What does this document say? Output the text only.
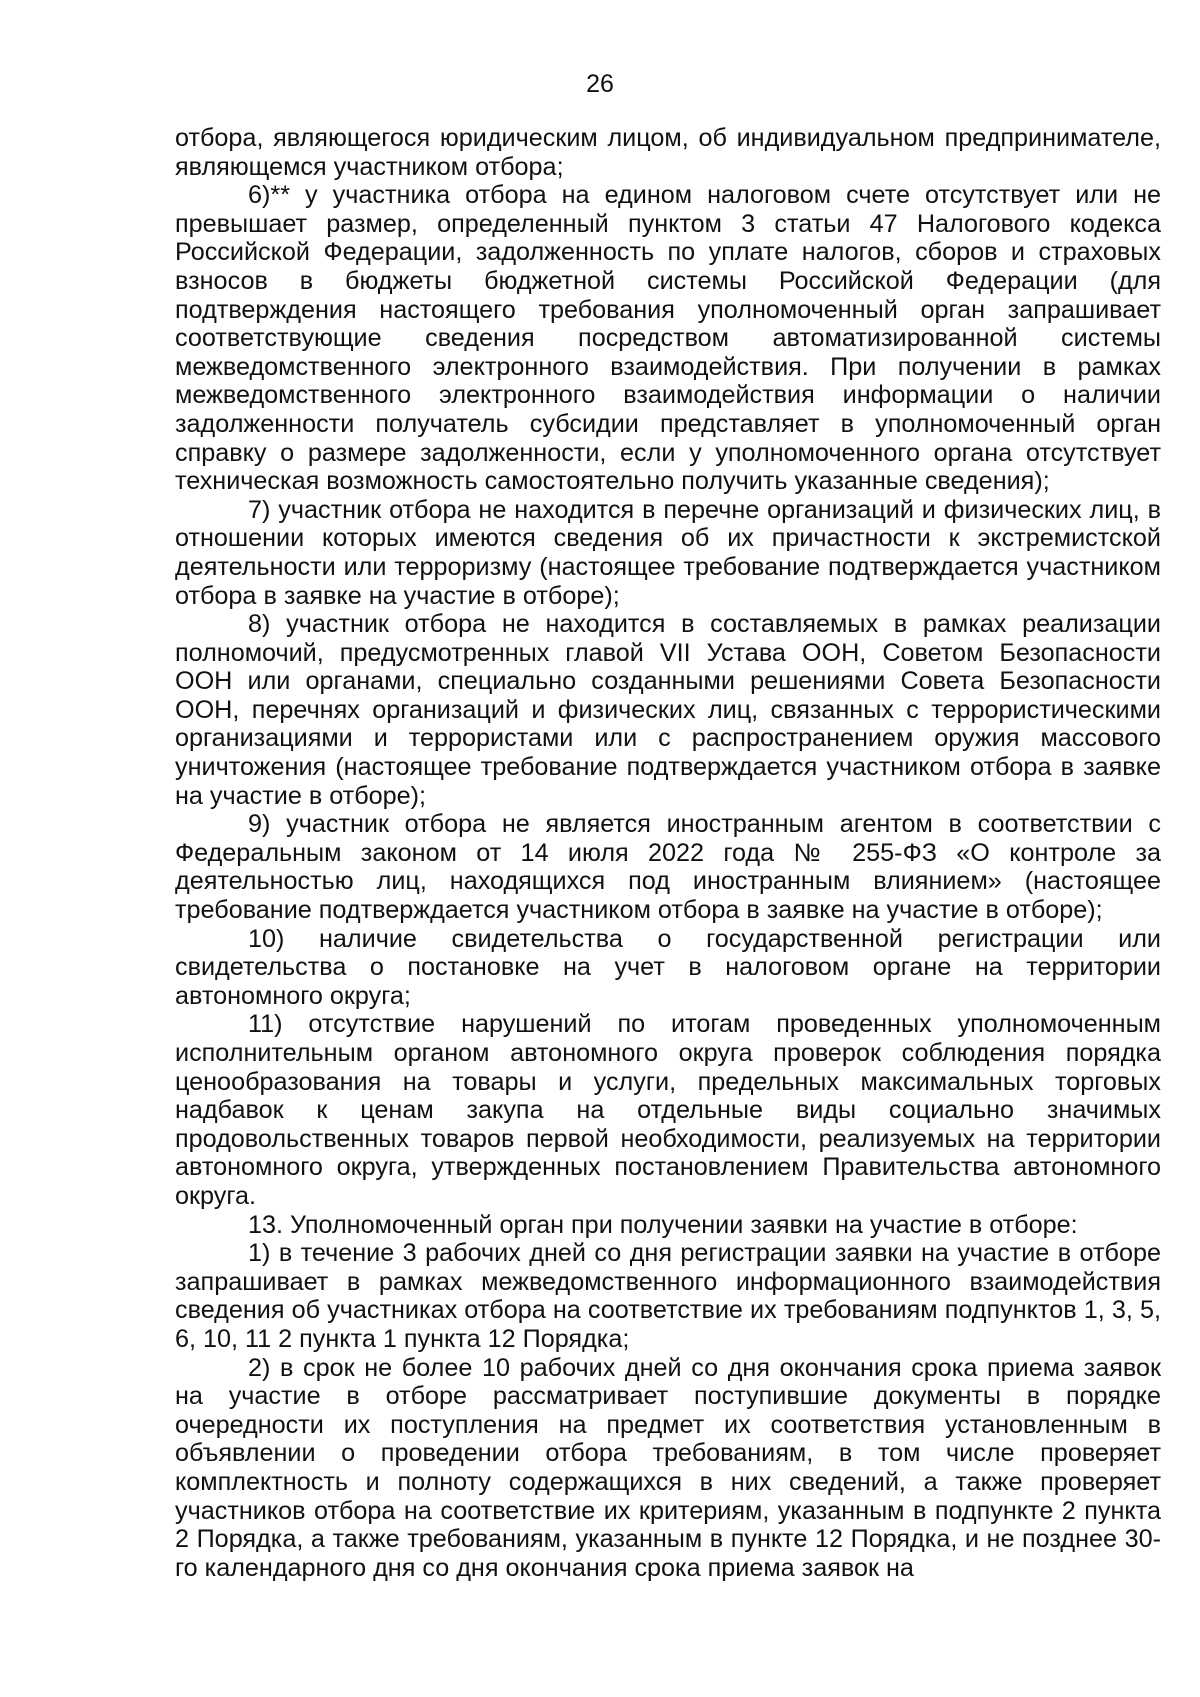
26

отбора, являющегося юридическим лицом, об индивидуальном предпринимателе, являющемся участником отбора;

6)** у участника отбора на едином налоговом счете отсутствует или не превышает размер, определенный пунктом 3 статьи 47 Налогового кодекса Российской Федерации, задолженность по уплате налогов, сборов и страховых взносов в бюджеты бюджетной системы Российской Федерации (для подтверждения настоящего требования уполномоченный орган запрашивает соответствующие сведения посредством автоматизированной системы межведомственного электронного взаимодействия. При получении в рамках межведомственного электронного взаимодействия информации о наличии задолженности получатель субсидии представляет в уполномоченный орган справку о размере задолженности, если у уполномоченного органа отсутствует техническая возможность самостоятельно получить указанные сведения);

7) участник отбора не находится в перечне организаций и физических лиц, в отношении которых имеются сведения об их причастности к экстремистской деятельности или терроризму (настоящее требование подтверждается участником отбора в заявке на участие в отборе);

8) участник отбора не находится в составляемых в рамках реализации полномочий, предусмотренных главой VII Устава ООН, Советом Безопасности ООН или органами, специально созданными решениями Совета Безопасности ООН, перечнях организаций и физических лиц, связанных с террористическими организациями и террористами или с распространением оружия массового уничтожения (настоящее требование подтверждается участником отбора в заявке на участие в отборе);

9) участник отбора не является иностранным агентом в соответствии с Федеральным законом от 14 июля 2022 года № 255-ФЗ «О контроле за деятельностью лиц, находящихся под иностранным влиянием» (настоящее требование подтверждается участником отбора в заявке на участие в отборе);

10) наличие свидетельства о государственной регистрации или свидетельства о постановке на учет в налоговом органе на территории автономного округа;

11) отсутствие нарушений по итогам проведенных уполномоченным исполнительным органом автономного округа проверок соблюдения порядка ценообразования на товары и услуги, предельных максимальных торговых надбавок к ценам закупа на отдельные виды социально значимых продовольственных товаров первой необходимости, реализуемых на территории автономного округа, утвержденных постановлением Правительства автономного округа.

13. Уполномоченный орган при получении заявки на участие в отборе:

1) в течение 3 рабочих дней со дня регистрации заявки на участие в отборе запрашивает в рамках межведомственного информационного взаимодействия сведения об участниках отбора на соответствие их требованиям подпунктов 1, 3, 5, 6, 10, 11 2 пункта 1 пункта 12 Порядка;

2) в срок не более 10 рабочих дней со дня окончания срока приема заявок на участие в отборе рассматривает поступившие документы в порядке очередности их поступления на предмет их соответствия установленным в объявлении о проведении отбора требованиям, в том числе проверяет комплектность и полноту содержащихся в них сведений, а также проверяет участников отбора на соответствие их критериям, указанным в подпункте 2 пункта 2 Порядка, а также требованиям, указанным в пункте 12 Порядка, и не позднее 30-го календарного дня со дня окончания срока приема заявок на
